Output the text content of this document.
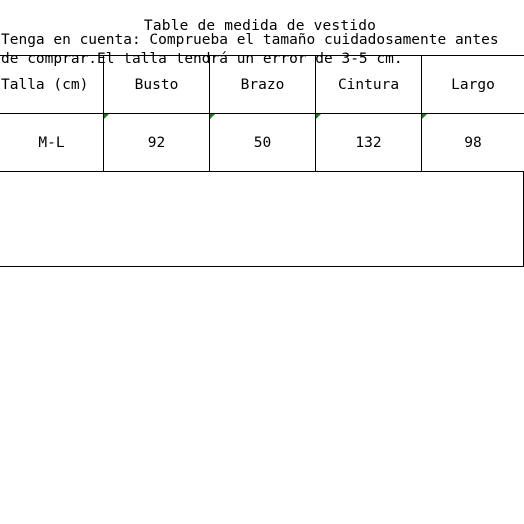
Table de medida de vestido
Talla (cm)	Busto	Brazo	Cintura	Largo
M-L	92	50	132	98
Tenga en cuenta: Comprueba el tamaño cuidadosamente antes
de comprar.El talla tendrá un error de 3-5 cm.
